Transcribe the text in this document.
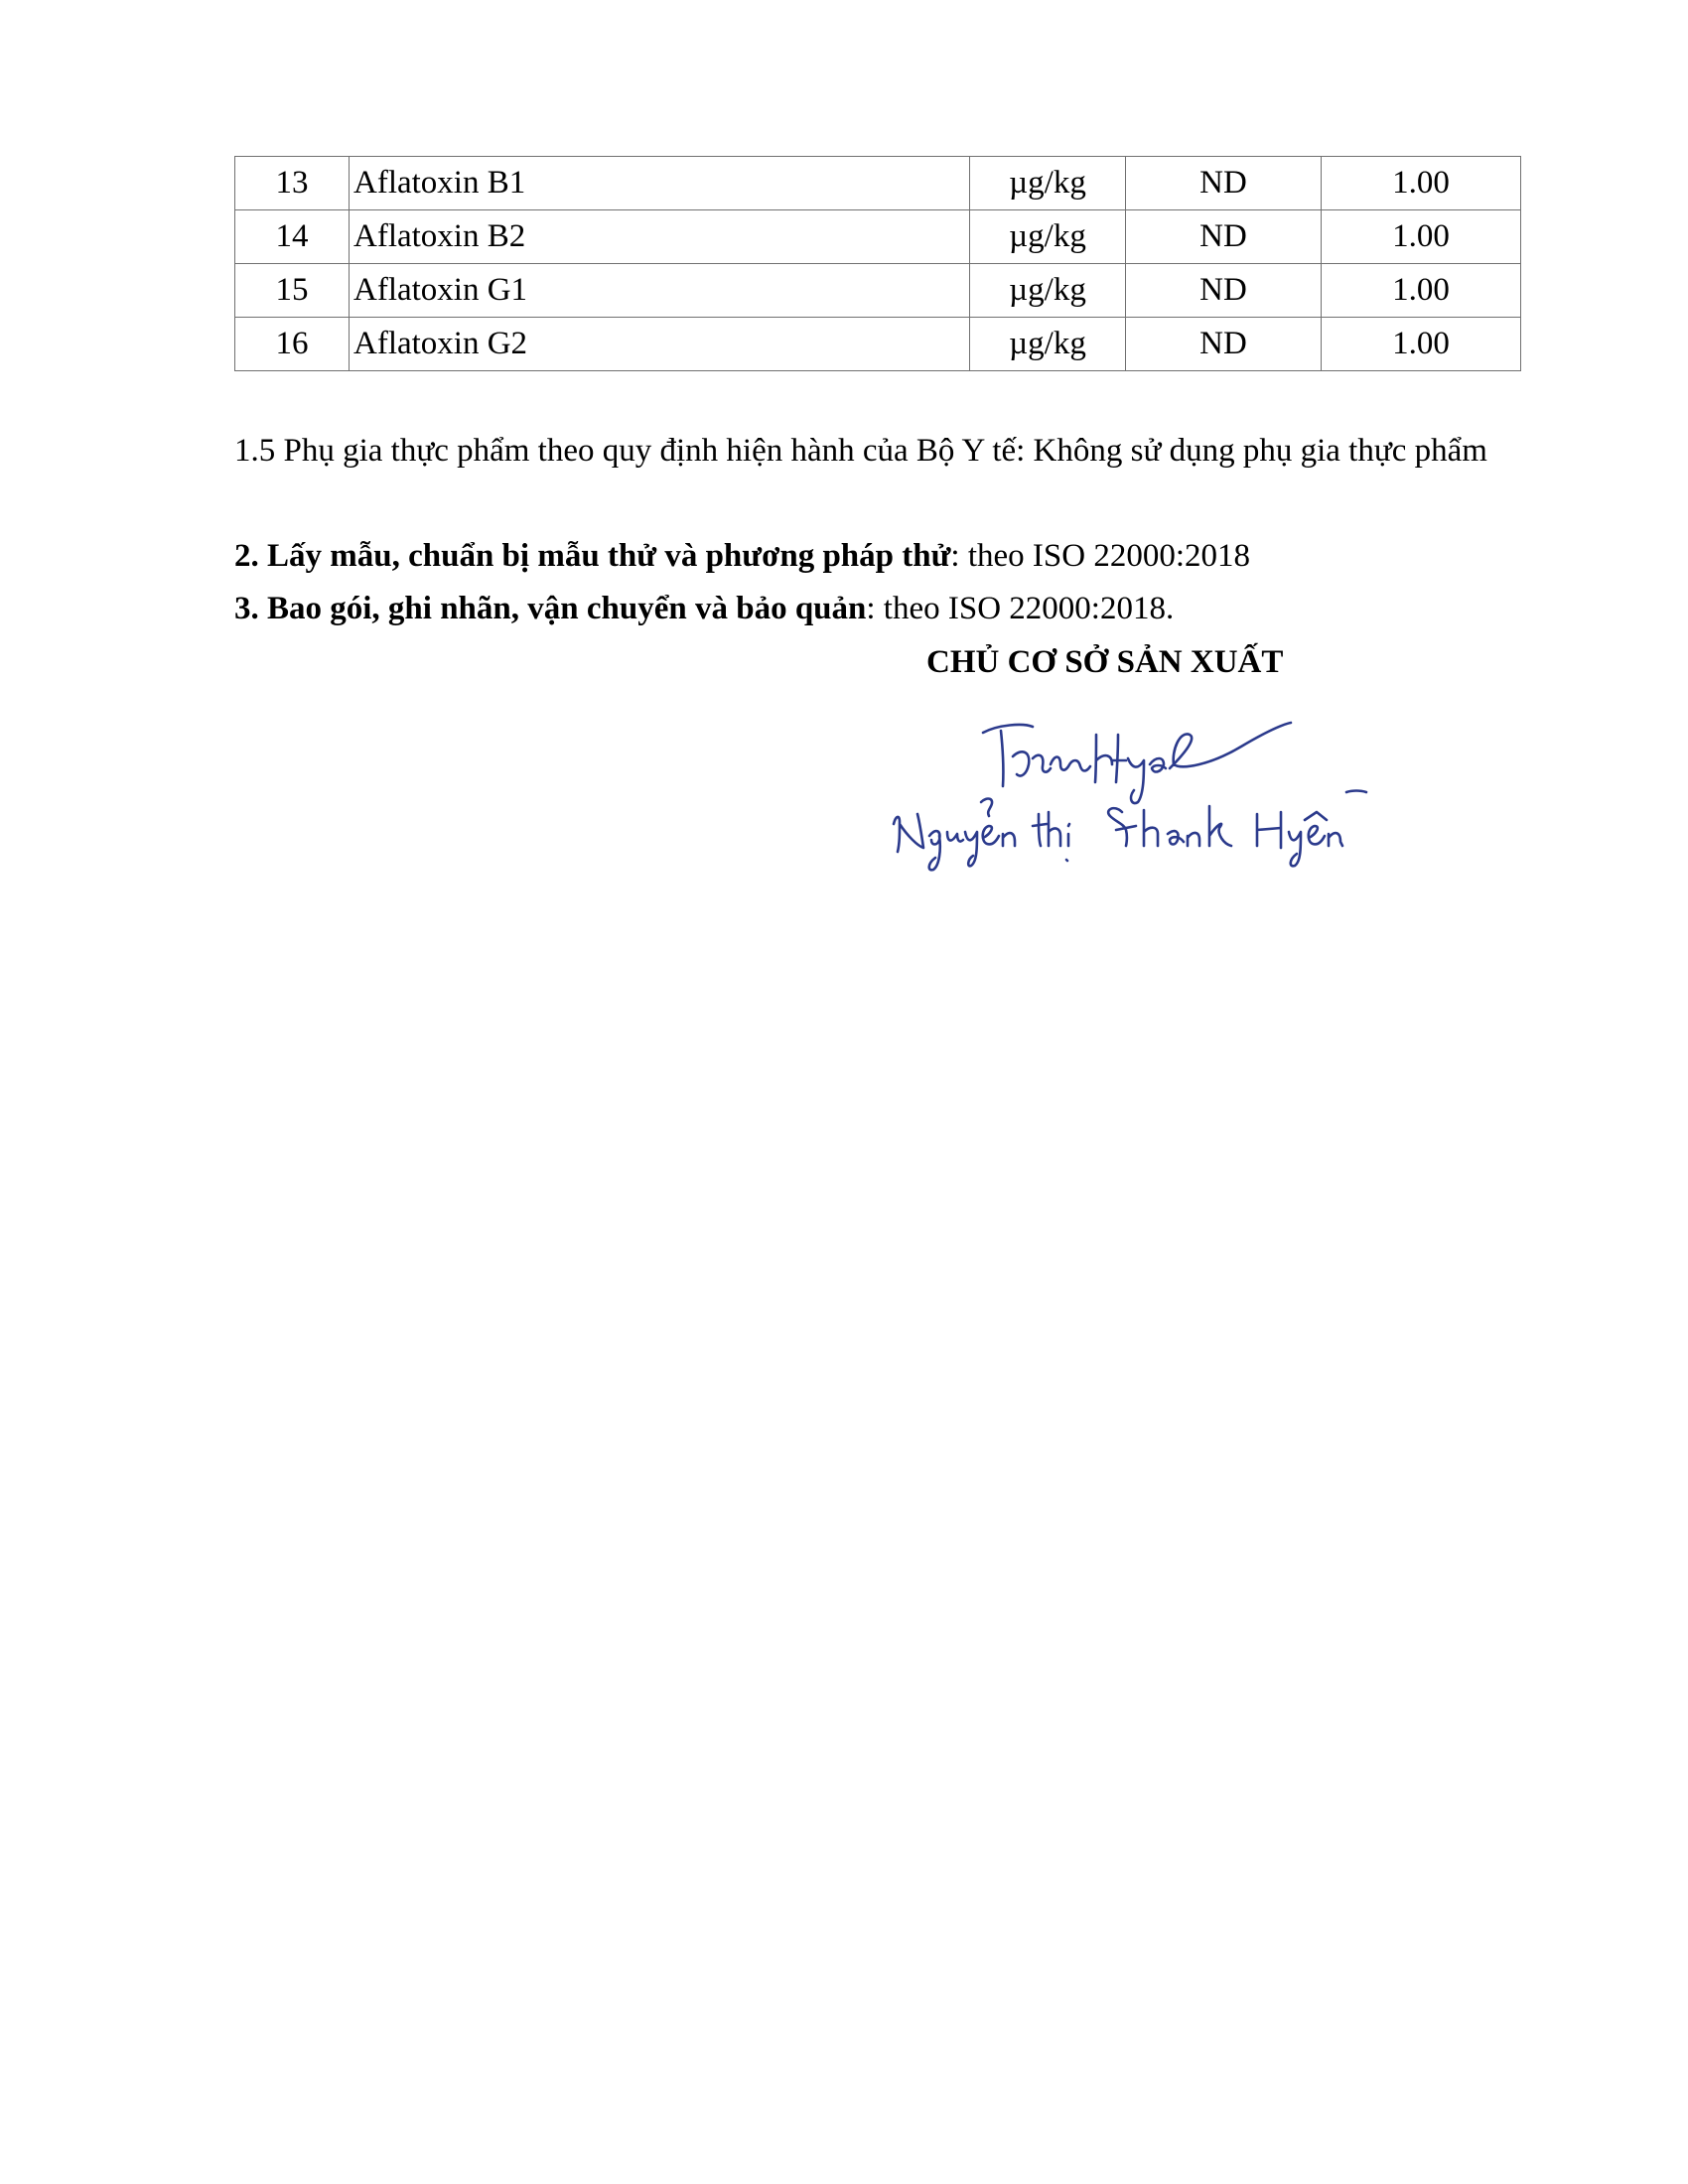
13	Aflatoxin B1	µg/kg	ND	1.00
14	Aflatoxin B2	µg/kg	ND	1.00
15	Aflatoxin G1	µg/kg	ND	1.00
16	Aflatoxin G2	µg/kg	ND	1.00

1.5 Phụ gia thực phẩm theo quy định hiện hành của Bộ Y tế: Không sử dụng phụ gia thực phẩm

2. Lấy mẫu, chuẩn bị mẫu thử và phương pháp thử: theo ISO 22000:2018

3. Bao gói, ghi nhãn, vận chuyển và bảo quản: theo ISO 22000:2018.

CHỦ CƠ SỞ SẢN XUẤT
